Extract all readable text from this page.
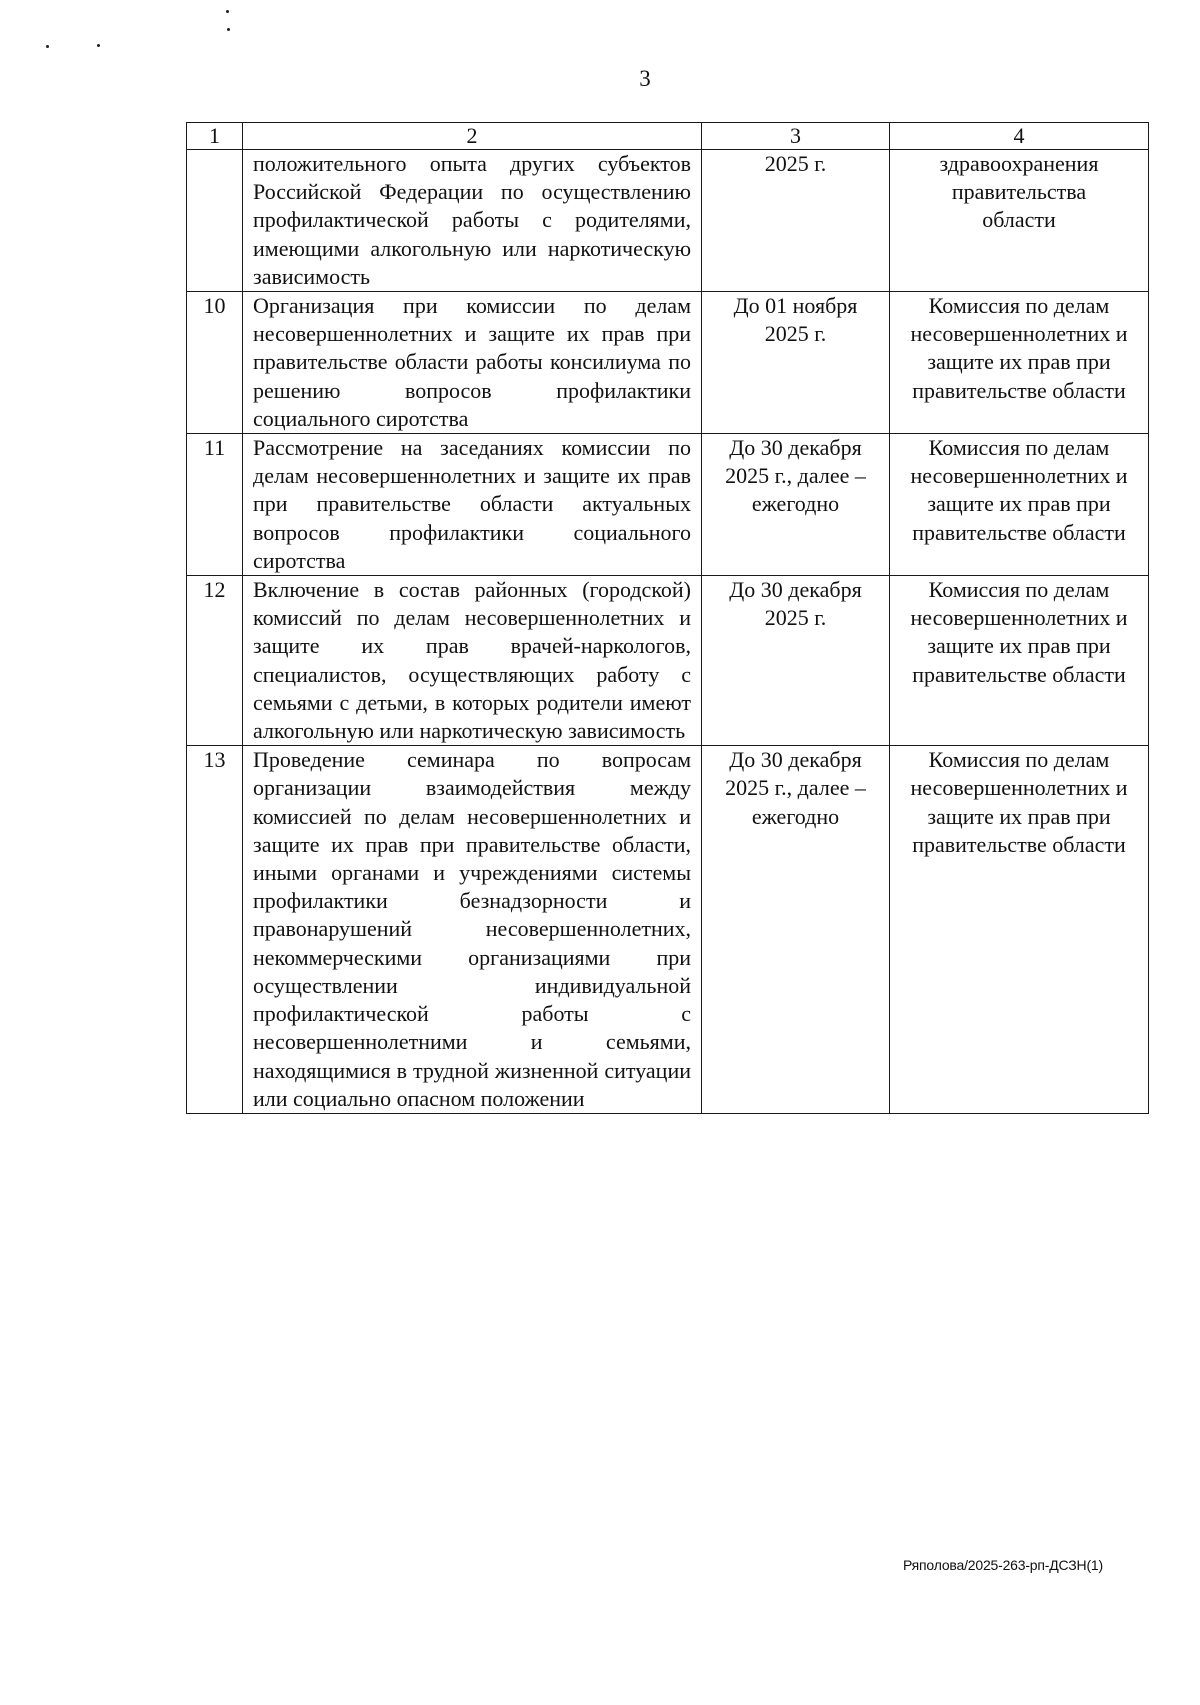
3
1	2	3	4
	положительного опыта других субъектов Российской Федерации по осуществлению профилактической работы с родителями, имеющими алкогольную или наркотическую зависимость	2025 г.	здравоохранения правительства области

10	Организация при комиссии по делам несовершеннолетних и защите их прав при правительстве области работы консилиума по решению вопросов профилактики социального сиротства	До 01 ноября 2025 г.	Комиссия по делам несовершеннолетних и защите их прав при правительстве области
11	Рассмотрение на заседаниях комиссии по делам несовершеннолетних и защите их прав при правительстве области актуальных вопросов профилактики социального сиротства	До 30 декабря 2025 г., далее – ежегодно	Комиссия по делам несовершеннолетних и защите их прав при правительстве области
12	Включение в состав районных (городской) комиссий по делам несовершеннолетних и защите их прав врачей-наркологов, специалистов, осуществляющих работу с семьями с детьми, в которых родители имеют алкогольную или наркотическую зависимость	До 30 декабря 2025 г.	Комиссия по делам несовершеннолетних и защите их прав при правительстве области
13	Проведение семинара по вопросам организации взаимодействия между комиссией по делам несовершеннолетних и защите их прав при правительстве области, иными органами и учреждениями системы профилактики безнадзорности и правонарушений несовершеннолетних, некоммерческими организациями при осуществлении индивидуальной профилактической работы с несовершеннолетними и семьями, находящимися в трудной жизненной ситуации или социально опасном положении	До 30 декабря 2025 г., далее – ежегодно	Комиссия по делам несовершеннолетних и защите их прав при правительстве области
Ряполова/2025-263-рп-ДСЗН(1)
